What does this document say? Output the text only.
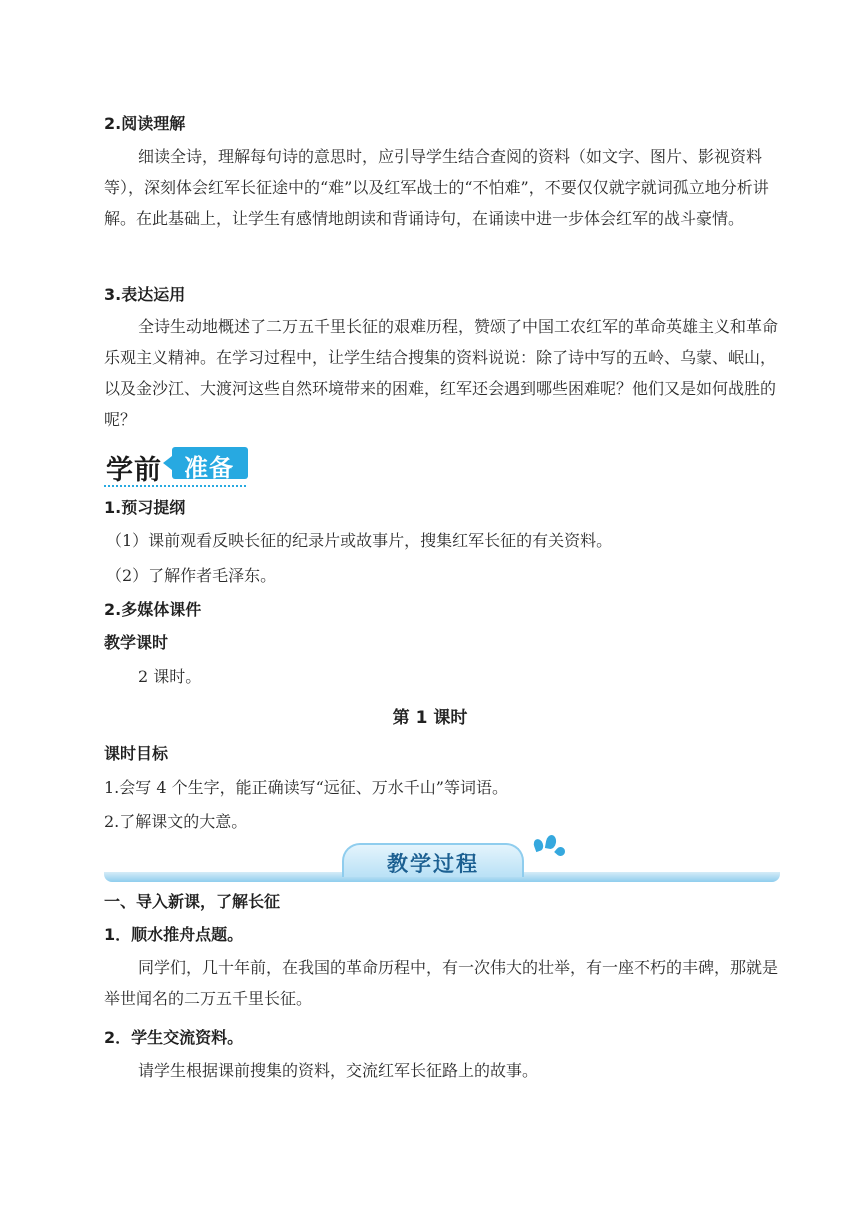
2.阅读理解
细读全诗，理解每句诗的意思时，应引导学生结合查阅的资料（如文字、图片、影视资料等），深刻体会红军长征途中的“难”以及红军战士的“不怕难”，不要仅仅就字就词孤立地分析讲解。在此基础上，让学生有感情地朗读和背诵诗句，在诵读中进一步体会红军的战斗豪情。
3.表达运用
全诗生动地概述了二万五千里长征的艰难历程，赞颂了中国工农红军的革命英雄主义和革命乐观主义精神。在学习过程中，让学生结合搜集的资料说说：除了诗中写的五岭、乌蒙、岷山，以及金沙江、大渡河这些自然环境带来的困难，红军还会遇到哪些困难呢？他们又是如何战胜的呢？
学前 准备
1.预习提纲
（1）课前观看反映长征的纪录片或故事片，搜集红军长征的有关资料。
（2）了解作者毛泽东。
2.多媒体课件
教学课时
2 课时。
第 1 课时
课时目标
1.会写 4 个生字，能正确读写“远征、万水千山”等词语。
2.了解课文的大意。
教学过程
一、导入新课，了解长征
1．顺水推舟点题。
同学们，几十年前，在我国的革命历程中，有一次伟大的壮举，有一座不朽的丰碑，那就是举世闻名的二万五千里长征。
2．学生交流资料。
请学生根据课前搜集的资料，交流红军长征路上的故事。
